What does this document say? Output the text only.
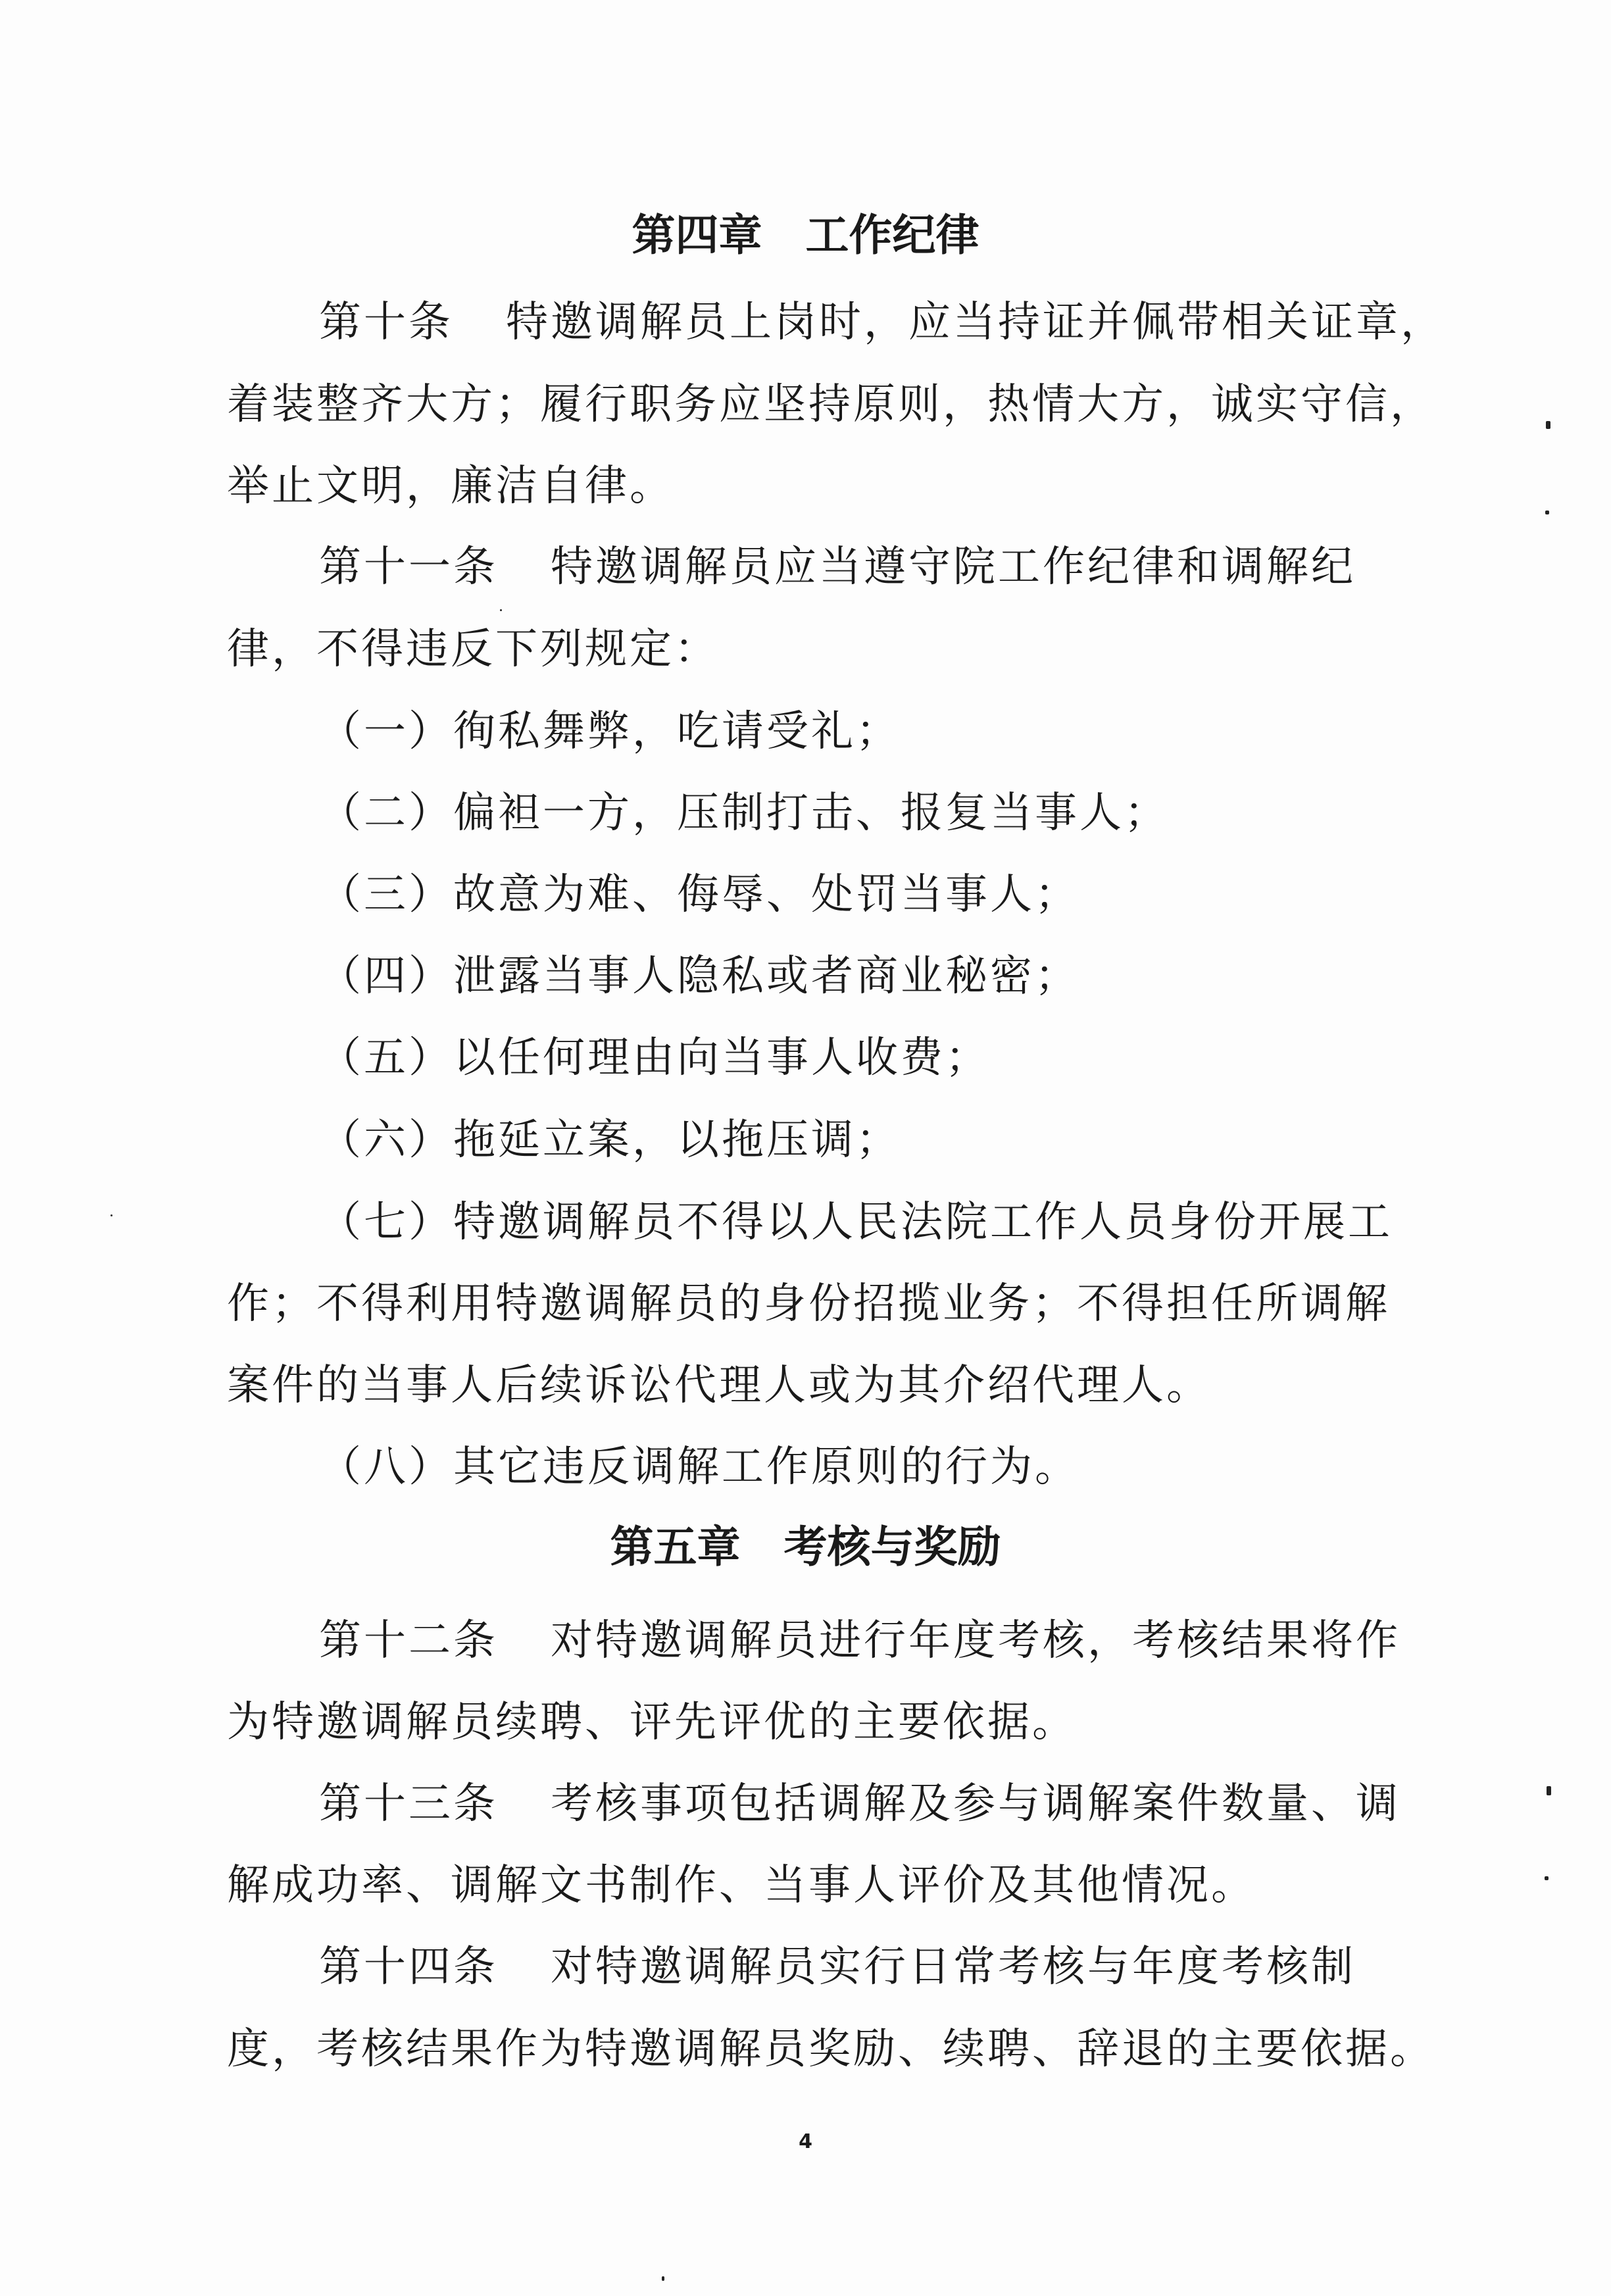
第四章　工作纪律
第十条 特邀调解员上岗时，应当持证并佩带相关证章，
着装整齐大方；履行职务应坚持原则，热情大方，诚实守信，
举止文明，廉洁自律。
第十一条 特邀调解员应当遵守院工作纪律和调解纪
律，不得违反下列规定：
（一）徇私舞弊，吃请受礼；
（二）偏袒一方，压制打击、报复当事人；
（三）故意为难、侮辱、处罚当事人；
（四）泄露当事人隐私或者商业秘密；
（五）以任何理由向当事人收费；
（六）拖延立案，以拖压调；
（七）特邀调解员不得以人民法院工作人员身份开展工
作；不得利用特邀调解员的身份招揽业务；不得担任所调解
案件的当事人后续诉讼代理人或为其介绍代理人。
（八）其它违反调解工作原则的行为。
第五章　考核与奖励
第十二条 对特邀调解员进行年度考核，考核结果将作
为特邀调解员续聘、评先评优的主要依据。
第十三条 考核事项包括调解及参与调解案件数量、调
解成功率、调解文书制作、当事人评价及其他情况。
第十四条 对特邀调解员实行日常考核与年度考核制
度，考核结果作为特邀调解员奖励、续聘、辞退的主要依据。
4
